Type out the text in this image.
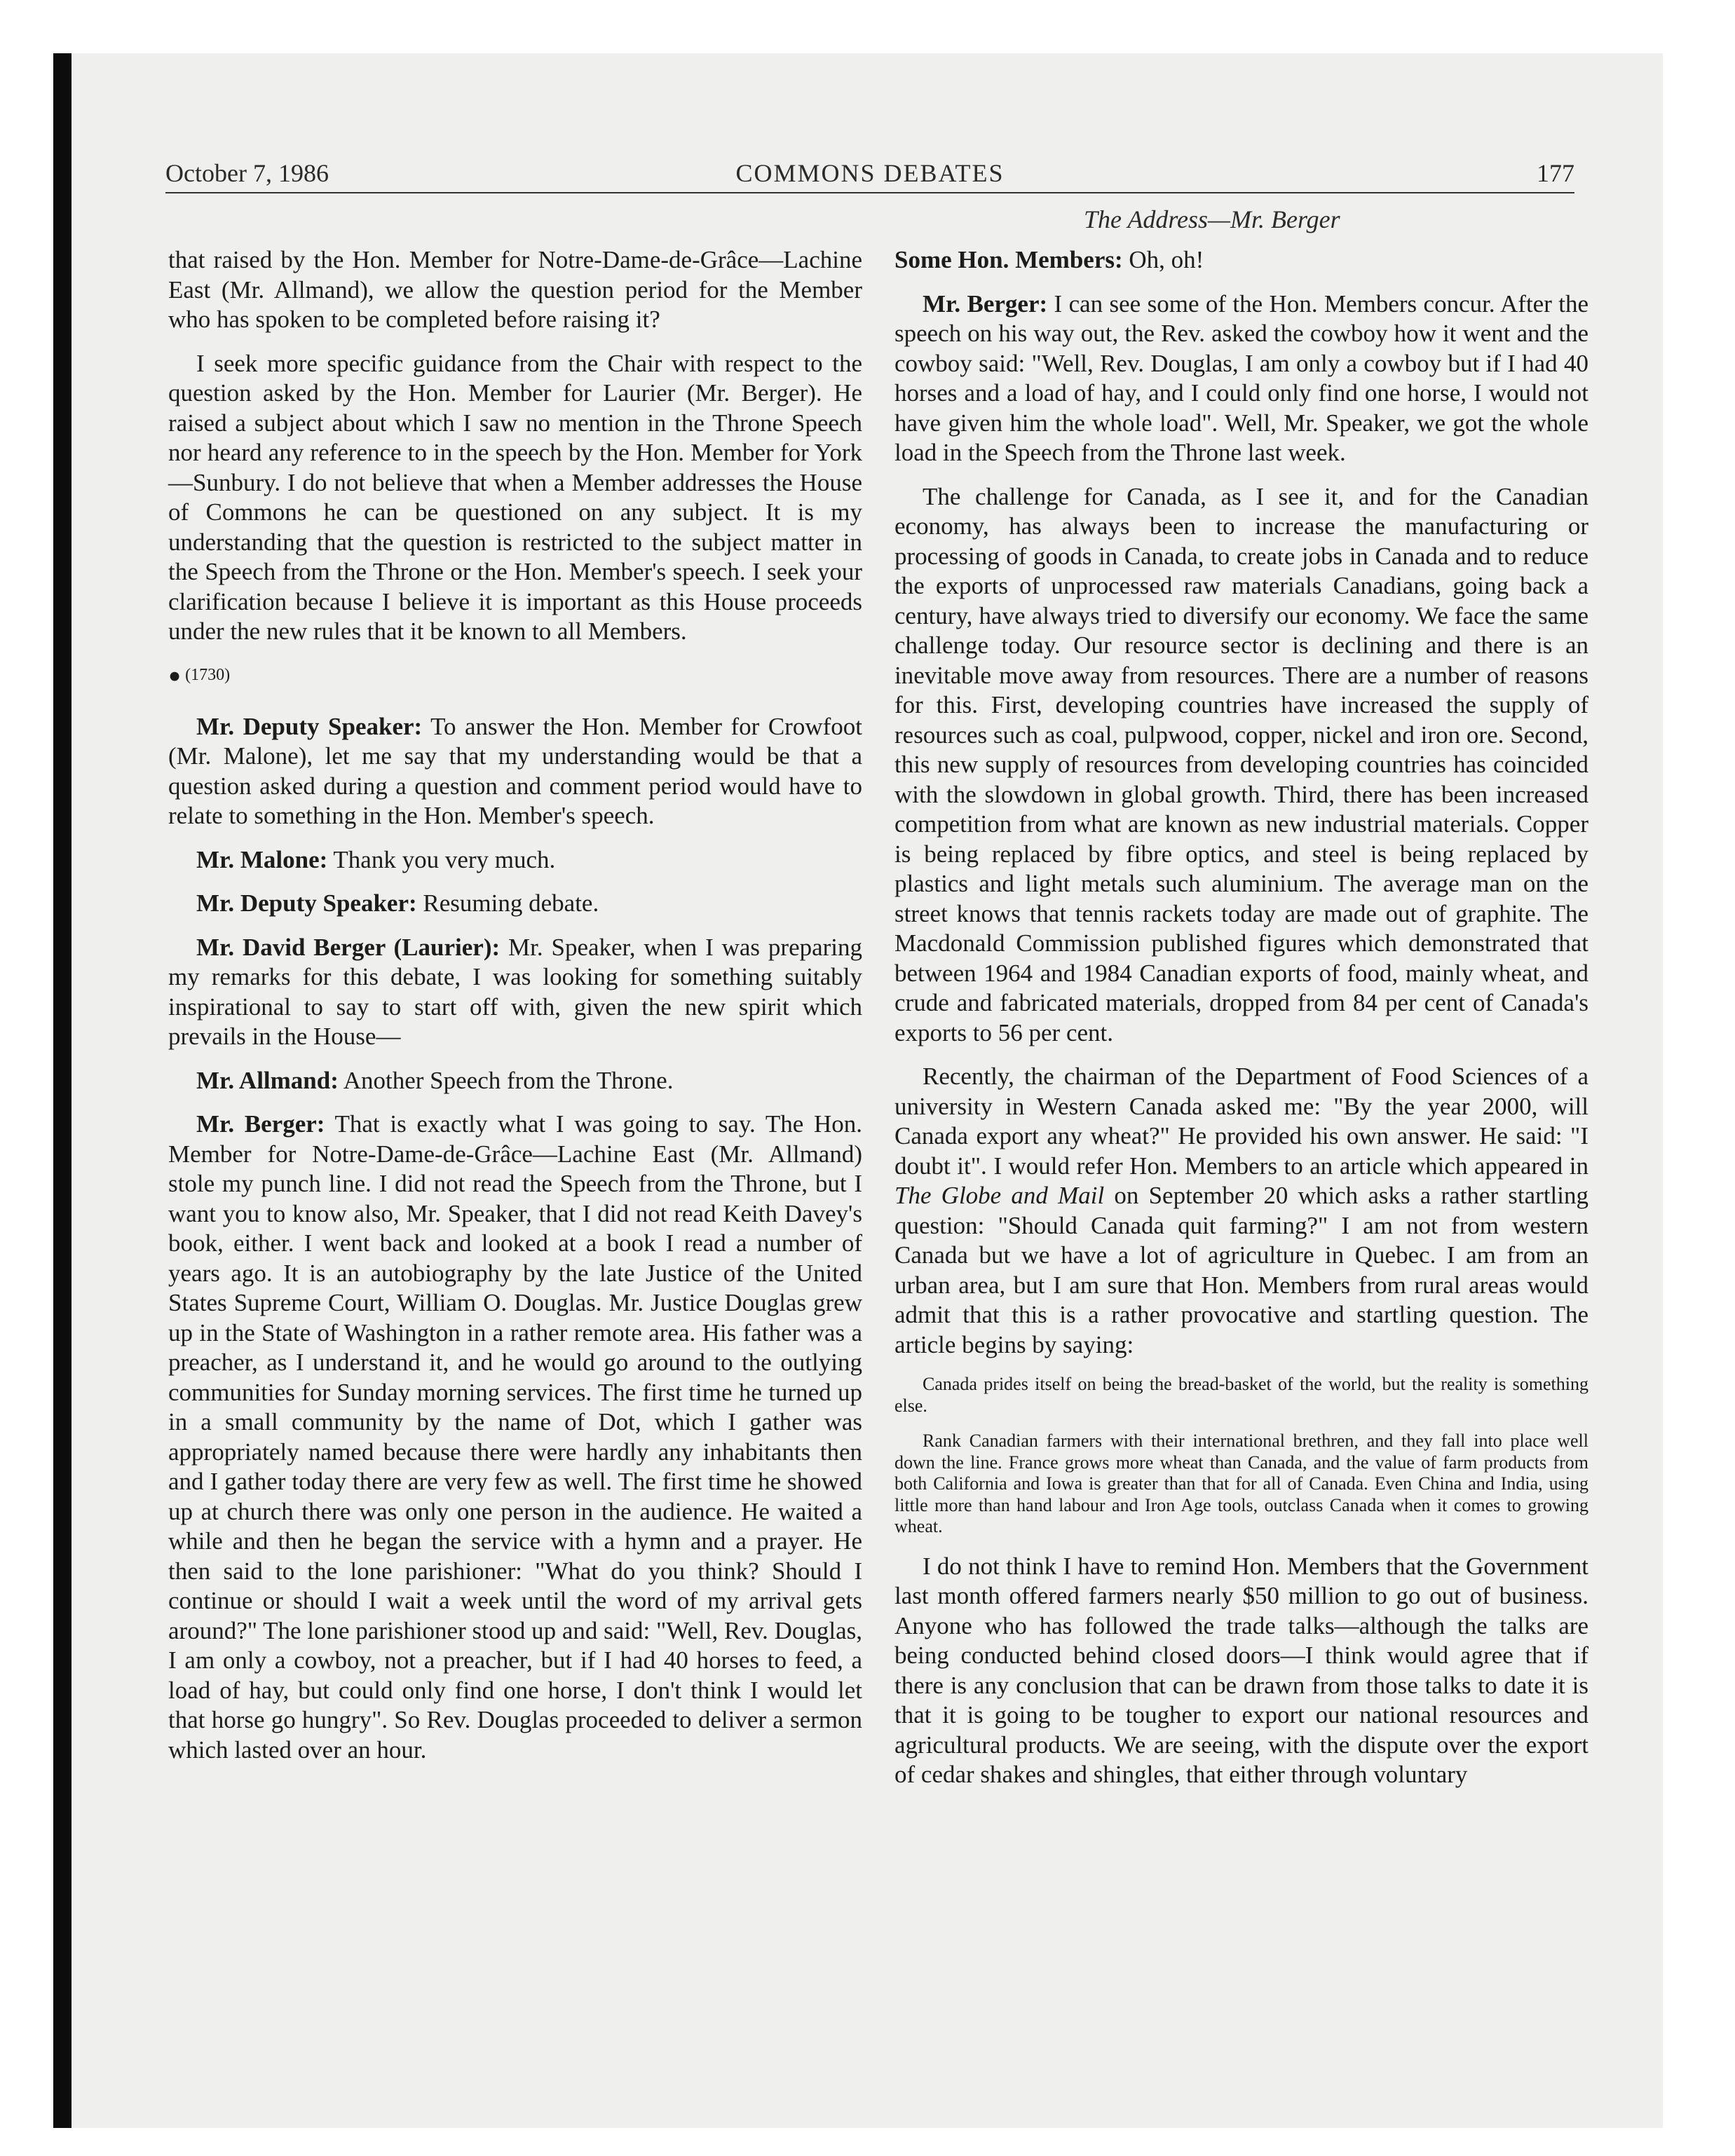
October 7, 1986	COMMONS DEBATES	177
The Address—Mr. Berger

that raised by the Hon. Member for Notre-Dame-de-Grâce—Lachine East (Mr. Allmand), we allow the question period for the Member who has spoken to be completed before raising it?

I seek more specific guidance from the Chair with respect to the question asked by the Hon. Member for Laurier (Mr. Berger). He raised a subject about which I saw no mention in the Throne Speech nor heard any reference to in the speech by the Hon. Member for York—Sunbury. I do not believe that when a Member addresses the House of Commons he can be questioned on any subject. It is my understanding that the question is restricted to the subject matter in the Speech from the Throne or the Hon. Member's speech. I seek your clarification because I believe it is important as this House proceeds under the new rules that it be known to all Members.

● (1730)

Mr. Deputy Speaker: To answer the Hon. Member for Crowfoot (Mr. Malone), let me say that my understanding would be that a question asked during a question and comment period would have to relate to something in the Hon. Member's speech.

Mr. Malone: Thank you very much.

Mr. Deputy Speaker: Resuming debate.

Mr. David Berger (Laurier): Mr. Speaker, when I was preparing my remarks for this debate, I was looking for something suitably inspirational to say to start off with, given the new spirit which prevails in the House—

Mr. Allmand: Another Speech from the Throne.

Mr. Berger: That is exactly what I was going to say. The Hon. Member for Notre-Dame-de-Grâce—Lachine East (Mr. Allmand) stole my punch line. I did not read the Speech from the Throne, but I want you to know also, Mr. Speaker, that I did not read Keith Davey's book, either. I went back and looked at a book I read a number of years ago. It is an autobiography by the late Justice of the United States Supreme Court, William O. Douglas. Mr. Justice Douglas grew up in the State of Washington in a rather remote area. His father was a preacher, as I understand it, and he would go around to the outlying communities for Sunday morning services. The first time he turned up in a small community by the name of Dot, which I gather was appropriately named because there were hardly any inhabitants then and I gather today there are very few as well. The first time he showed up at church there was only one person in the audience. He waited a while and then he began the service with a hymn and a prayer. He then said to the lone parishioner: "What do you think? Should I continue or should I wait a week until the word of my arrival gets around?" The lone parishioner stood up and said: "Well, Rev. Douglas, I am only a cowboy, not a preacher, but if I had 40 horses to feed, a load of hay, but could only find one horse, I don't think I would let that horse go hungry". So Rev. Douglas proceeded to deliver a sermon which lasted over an hour.

Some Hon. Members: Oh, oh!

Mr. Berger: I can see some of the Hon. Members concur. After the speech on his way out, the Rev. asked the cowboy how it went and the cowboy said: "Well, Rev. Douglas, I am only a cowboy but if I had 40 horses and a load of hay, and I could only find one horse, I would not have given him the whole load". Well, Mr. Speaker, we got the whole load in the Speech from the Throne last week.

The challenge for Canada, as I see it, and for the Canadian economy, has always been to increase the manufacturing or processing of goods in Canada, to create jobs in Canada and to reduce the exports of unprocessed raw materials Canadians, going back a century, have always tried to diversify our economy. We face the same challenge today. Our resource sector is declining and there is an inevitable move away from resources. There are a number of reasons for this. First, developing countries have increased the supply of resources such as coal, pulpwood, copper, nickel and iron ore. Second, this new supply of resources from developing countries has coincided with the slowdown in global growth. Third, there has been increased competition from what are known as new industrial materials. Copper is being replaced by fibre optics, and steel is being replaced by plastics and light metals such aluminium. The average man on the street knows that tennis rackets today are made out of graphite. The Macdonald Commission published figures which demonstrated that between 1964 and 1984 Canadian exports of food, mainly wheat, and crude and fabricated materials, dropped from 84 per cent of Canada's exports to 56 per cent.

Recently, the chairman of the Department of Food Sciences of a university in Western Canada asked me: "By the year 2000, will Canada export any wheat?" He provided his own answer. He said: "I doubt it". I would refer Hon. Members to an article which appeared in The Globe and Mail on September 20 which asks a rather startling question: "Should Canada quit farming?" I am not from western Canada but we have a lot of agriculture in Quebec. I am from an urban area, but I am sure that Hon. Members from rural areas would admit that this is a rather provocative and startling question. The article begins by saying:

Canada prides itself on being the bread-basket of the world, but the reality is something else.

Rank Canadian farmers with their international brethren, and they fall into place well down the line. France grows more wheat than Canada, and the value of farm products from both California and Iowa is greater than that for all of Canada. Even China and India, using little more than hand labour and Iron Age tools, outclass Canada when it comes to growing wheat.

I do not think I have to remind Hon. Members that the Government last month offered farmers nearly $50 million to go out of business. Anyone who has followed the trade talks—although the talks are being conducted behind closed doors—I think would agree that if there is any conclusion that can be drawn from those talks to date it is that it is going to be tougher to export our national resources and agricultural products. We are seeing, with the dispute over the export of cedar shakes and shingles, that either through voluntary
